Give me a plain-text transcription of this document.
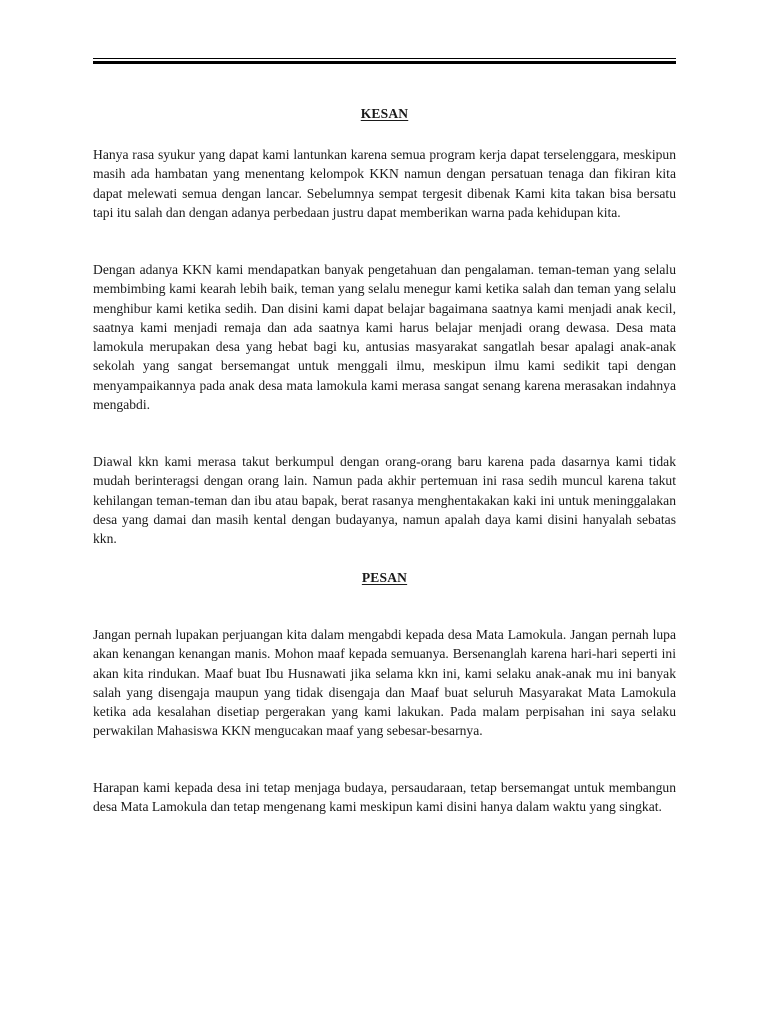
KESAN

Hanya rasa syukur yang dapat kami lantunkan karena semua program kerja dapat terselenggara, meskipun masih ada hambatan yang menentang kelompok KKN namun dengan persatuan tenaga dan fikiran kita dapat melewati semua dengan lancar. Sebelumnya sempat tergesit dibenak Kami kita takan bisa bersatu tapi itu salah dan dengan adanya perbedaan justru dapat memberikan warna pada kehidupan kita.

Dengan adanya KKN kami mendapatkan banyak pengetahuan dan pengalaman. teman-teman yang selalu membimbing kami kearah lebih baik, teman yang selalu menegur kami ketika salah dan teman yang selalu menghibur kami ketika sedih. Dan disini kami dapat belajar bagaimana saatnya kami menjadi anak kecil, saatnya kami menjadi remaja dan ada saatnya kami harus belajar menjadi orang dewasa. Desa mata lamokula merupakan desa yang hebat bagi ku, antusias masyarakat sangatlah besar apalagi anak-anak sekolah yang sangat bersemangat untuk menggali ilmu, meskipun ilmu kami sedikit tapi dengan menyampaikannya pada anak desa mata lamokula kami merasa sangat senang karena merasakan indahnya mengabdi.

Diawal kkn kami merasa takut berkumpul dengan orang-orang baru karena pada dasarnya kami tidak mudah berinteragsi dengan orang lain. Namun pada akhir pertemuan ini rasa sedih muncul karena takut kehilangan teman-teman dan ibu atau bapak, berat rasanya menghentakakan kaki ini untuk meninggalakan desa yang damai dan masih kental dengan budayanya, namun apalah daya kami disini hanyalah sebatas kkn.

PESAN

Jangan pernah lupakan perjuangan kita dalam mengabdi kepada desa Mata Lamokula. Jangan pernah lupa akan kenangan kenangan manis. Mohon maaf kepada semuanya. Bersenanglah karena hari-hari seperti ini akan kita rindukan. Maaf buat Ibu Husnawati jika selama kkn ini, kami selaku anak-anak mu ini banyak salah yang disengaja maupun yang tidak disengaja dan Maaf buat seluruh Masyarakat Mata Lamokula ketika ada kesalahan disetiap pergerakan yang kami lakukan. Pada malam perpisahan ini saya selaku perwakilan Mahasiswa KKN mengucakan maaf yang sebesar-besarnya.

Harapan kami kepada desa ini tetap menjaga budaya, persaudaraan, tetap bersemangat untuk membangun desa Mata Lamokula dan tetap mengenang kami meskipun kami disini hanya dalam waktu yang singkat.
